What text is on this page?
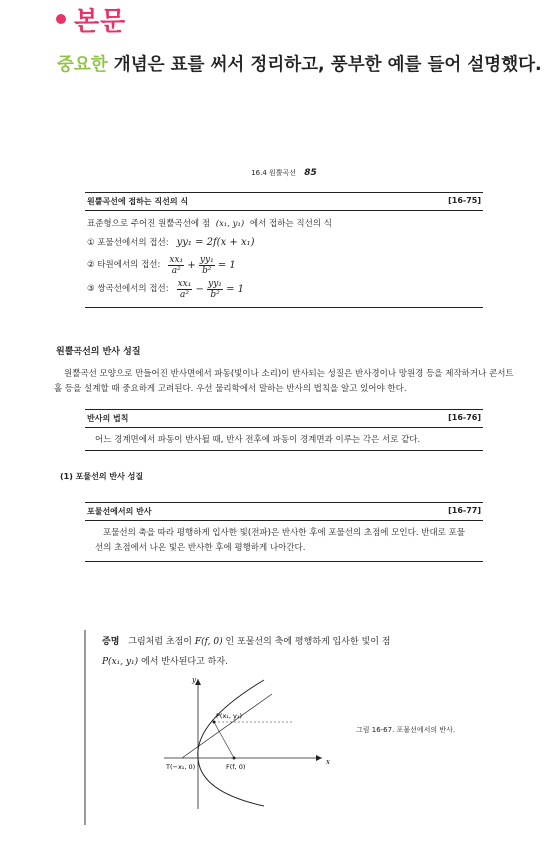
본문
중요한 개념은 표를 써서 정리하고, 풍부한 예를 들어 설명했다.
16.4 원뿔곡선 85
원뿔곡선에 접하는 직선의 식	[16-75]
표준형으로 주어진 원뿔곡선에 점 (x₁, y₁) 에서 접하는 직선의 식
① 포물선에서의 접선: yy₁ = 2f(x + x₁)
② 타원에서의 접선: $\frac{\text{xx₁}}{\text{a²}} + \frac{\text{yy₁}}{\text{b²}} = 1$
③ 쌍곡선에서의 접선: $\frac{\text{xx₁}}{\text{a²}} - \frac{\text{yy₁}}{\text{b²}} = 1$
원뿔곡선의 반사 성질
원뿔곡선 모양으로 만들어진 반사면에서 파동(빛이나 소리)이 반사되는 성질은 반사경이나 망원경 등을 제작하거나 콘서트홀 등을 설계할 때 중요하게 고려된다. 우선 물리학에서 말하는 반사의 법칙을 알고 있어야 한다.
반사의 법칙	[16-76]
어느 경계면에서 파동이 반사될 때, 반사 전후에 파동이 경계면과 이루는 각은 서로 같다.
(1) 포물선의 반사 성질
포물선에서의 반사	[16-77]
포물선의 축을 따라 평행하게 입사한 빛(전파)은 반사한 후에 포물선의 초점에 모인다. 반대로 포물선의 초점에서 나온 빛은 반사한 후에 평행하게 나아간다.
증명 그림처럼 초점이 F(f, 0) 인 포물선의 축에 평행하게 입사한 빛이 점
P(x₁, y₁) 에서 반사된다고 하자.
y
x
P(x₁, y₁)
T(−x₁, 0)	F(f, 0)
그림 16-67. 포물선에서의 반사.
